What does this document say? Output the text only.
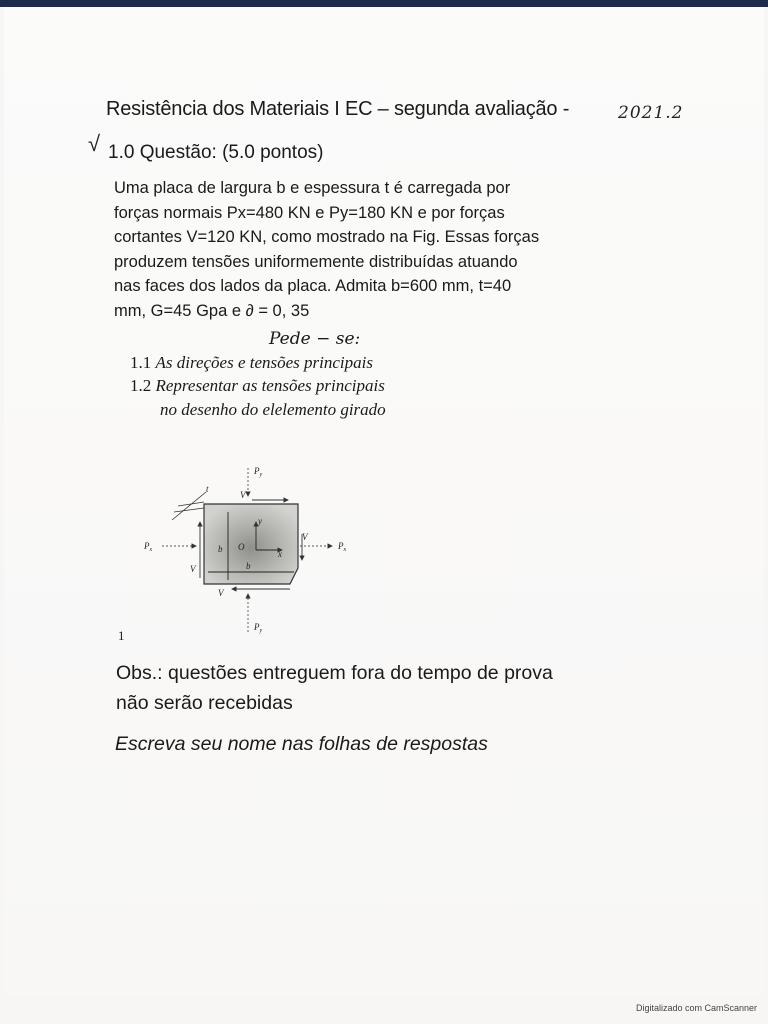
Resistência dos Materiais I EC – segunda avaliação -	2021.2
√ 1.0 Questão: (5.0 pontos)

Uma placa de largura b e espessura t é carregada por

forças normais Px=480 KN e Py=180 KN e por forças

cortantes V=120 KN, como mostrado na Fig. Essas forças

produzem tensões uniformemente distribuídas atuando

nas faces dos lados da placa. Admita b=600 mm, t=40

mm, G=45 Gpa e ∂ = 0, 35

Pede − se:
1.1 As direções e tensões principais
1.2 Representar as tensões principais
no desenho do elelemento girado
$P_y$
$P_y$
$P_x$	$P_x$
V
V
V
V
t
b
b
O
y
x
1
Obs.: questões entreguem fora do tempo de prova
não serão recebidas
Escreva seu nome nas folhas de respostas
Digitalizado com CamScanner
